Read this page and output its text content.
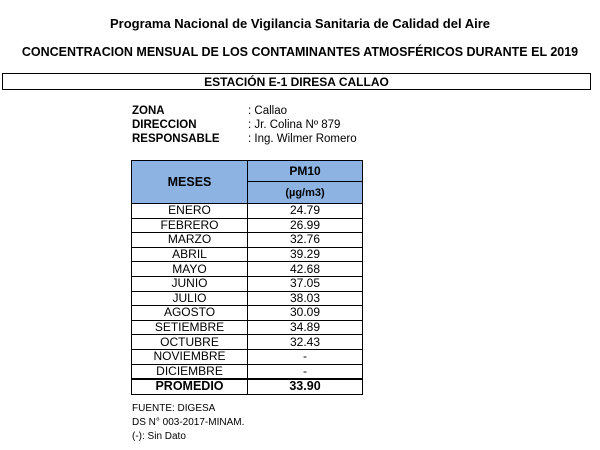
Programa Nacional de Vigilancia Sanitaria de Calidad del Aire
CONCENTRACION MENSUAL DE LOS CONTAMINANTES ATMOSFÉRICOS DURANTE EL 2019
ESTACIÓN E-1 DIRESA CALLAO
ZONA	: Callao
DIRECCION	: Jr. Colina Nº 879
RESPONSABLE : Ing. Wilmer Romero
MESES	PM10
	(µg/m3)
ENERO	24.79
FEBRERO	26.99
MARZO	32.76
ABRIL	39.29
MAYO	42.68
JUNIO	37.05
JULIO	38.03
AGOSTO	30.09
SETIEMBRE	34.89
OCTUBRE	32.43
NOVIEMBRE	-
DICIEMBRE	-
PROMEDIO	33.90
FUENTE: DIGESA
DS N° 003-2017-MINAM.
(-): Sin Dato
